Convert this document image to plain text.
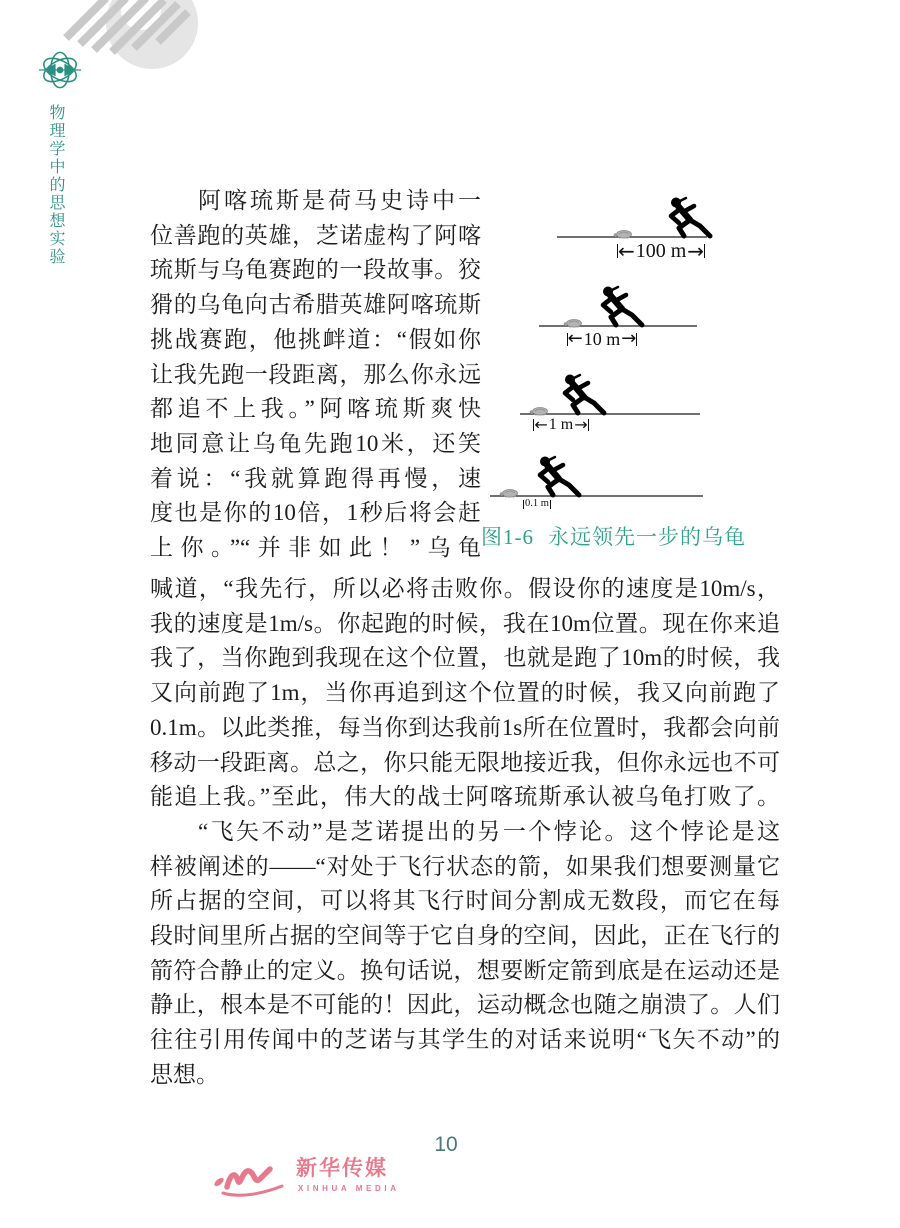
物理学中的思想实验	阿喀琉斯是荷马史诗中一
位善跑的英雄，芝诺虚构了阿喀
琉斯与乌龟赛跑的一段故事。狡
猾的乌龟向古希腊英雄阿喀琉斯
挑战赛跑，他挑衅道：“假如你
让我先跑一段距离，那么你永远
都追不上我。”阿喀琉斯爽快
地同意让乌龟先跑10米，还笑
着说：“我就算跑得再慢，速
度也是你的10倍，1秒后将会赶
上你。”“并非如此！”乌龟
喊道，“我先行，所以必将击败你。假设你的速度是10m/s，
我的速度是1m/s。你起跑的时候，我在10m位置。现在你来追
我了，当你跑到我现在这个位置，也就是跑了10m的时候，我
又向前跑了1m，当你再追到这个位置的时候，我又向前跑了
0.1m。以此类推，每当你到达我前1s所在位置时，我都会向前
移动一段距离。总之，你只能无限地接近我，但你永远也不可
能追上我。”至此，伟大的战士阿喀琉斯承认被乌龟打败了。
“飞矢不动”是芝诺提出的另一个悖论。这个悖论是这
样被阐述的——“对处于飞行状态的箭，如果我们想要测量它
所占据的空间，可以将其飞行时间分割成无数段，而它在每
段时间里所占据的空间等于它自身的空间，因此，正在飞行的
箭符合静止的定义。换句话说，想要断定箭到底是在运动还是
静止，根本是不可能的！因此，运动概念也随之崩溃了。人们
往往引用传闻中的芝诺与其学生的对话来说明“飞矢不动”的
思想。
← 100 m →
← 10 m →
← 1 m →
0.1 m
图1-6 永远领先一步的乌龟
10
新华传媒
XINHUA MEDIA
